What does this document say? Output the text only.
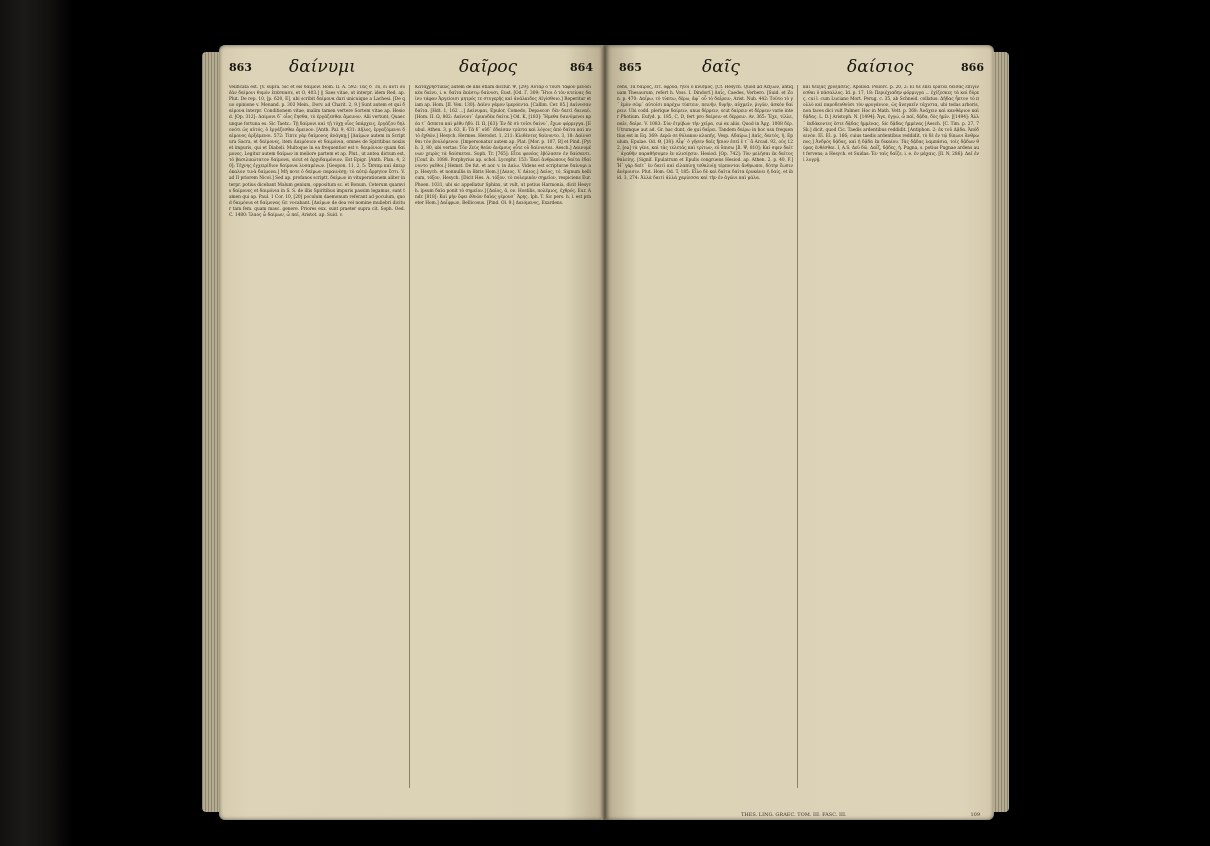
863 δαίνυμι	δαῖρος	864
velificata est. [V. supra. Sic et eis δαίμονι Hom. II. A. 592: Τὰς δ᾽ εὖ, εἰ αὖτι οὐ ἐὰν δαίμονι θυμὸν ἐπέσπασε, et O, 403.] || Saes vitae, ut interpr. idem Red. ap. Plut. De rep. 10, [p. 620, E], ubi scribit δαίμονα dari unicuique a Lachesi. [De quo opinione v. Menand. p. 303 Mein., Dorv. ad Charit. 2, 9.] Sunt autem et qui δαίμονα interpr. Conditionem vitae, malim tamen vertere Sortem vitae ap. Hesiod. [Op. 312]: Δαίμονι δ᾽ οἷος ἔησθα, τὸ ἐργάζεσθαι ἄμεινον. Alii vertunt, Quaecunque fortuna es. Sic Taetz.: Τῇ δαίμονι καὶ τῇ τύχῃ οἷος ὑπάρχεις, ἐργάζου δηλονότι ὡς αὐτός, ὁ ἐργάζεσθαι ἄμεινον. [Anth. Pal. 9, 431: Δῆλος, ἐργαζόμενοι δαίμονος ἀρξάμενοι. 572: Τίπτε γὰρ δαίμονος ἀνάγκῃ;] [Δαίμων autem in Scriptura Sacra, et δαίμονες, item Δαιμόνιον et δαιμόνια, omnes de Spiritibus noxiis et impuris, qui et Diaboli. Multoque in ea frequentior est v. δαιμόνιον quam δαίμονες. Legitur autem δαίμων in meliore partem et ap. Plut., ut antea dictum est, τὸ βασιλικώτατον δαίμονα, sicut et ἀρχιδαιμόνιον. Est Epigr. [Anth. Plan. 4, 20]: Τέχνης ἐγχειρίδιον δαίμονα λυσαμένων. [Geopon. 11, 2, 5: Ὥσπερ καὶ ἀπειρόκαλον τινὰ δαίμονα.] Μή ποτε ὁ δαίμων παραινέσῃ; τὸ αὐτῷ ἄρρητον ἔστι. V. ad II priorem Nicol.] Sed ap. profanos scriptt. δαίμων in vituperationem aliter interpr. potius dicebant Malum genium, oppositum sc. et Bonum. Ceterum quamvis δαίμονες et δαιμόνια in S. S. de illis Spiritibus impuris passim legamus, sunt tamen qui ap. Paul. 1 Cor. 10, [20] poculum daemonum referant ad poculum, quod δαιμόνια et δαίμονας Gr. vocabant. [Δαίμων de dea vel nomine muliebri dicitur tam fem. quam masc. genere. Priores exx. sunt praeter supra cit. Soph. Oed. C. 1480: Ἱλαος ὦ δαίμων, ὦ παῖ, Aristot. ap. Suid. v.
Καταχρηστικῶς autem de illis etiam dicitur. Ψ, [29]: Αὐτὰρ ὁ τοῖσι τάφον μενοεικέα δαίνυ, i. e. δαῖτα ἑκάστῳ δαίνυσι, Eust. [Od. Γ, 309: Ἤτοι ὁ τὸν κτείνας δαίνυ τάφον Ἀργείοισι μητρός τε στυγερῆς καὶ ἀνάλκιδος Αἰγίσθοιο.] Reperitur etiam ap. Hom. [II. Ven. 130]: Δαῖνυ γάμον ἱμερόεντα. [Callim. Cer. 85.] Δαίνυσαν δαῖτα. [Hdt. 1, 162 ...] Δαίνυμαι, Epulor, Comedo, Depascor: δὲν δαιτὶ δαιναῦ. [Hom. II. Ω, 802: Δαίνυντ᾽ ἐρικυδέα δαῖτα.] Od. K, [183]: Ἥμεθα δαινύμενοι κρέα τ᾽ ἄσπετα καὶ μέθυ ἡδύ. II. Ω, [63]: Ἐν δὲ σὺ τοῖσι δαίνυ᾽, ἔχων φόρμιγγα. [Eubul. Athen. 3, p. 63, E: Τὰ δ᾽ οὐδ᾽ ἐδαίσαν τρίπτα καὶ λόγοις ἀπὸ δαῖτα καὶ πυτὸ ἐχθῶν.] Hesych. Hermes. Herodot. 1, 211: Κλιθέντες δαίνυντο. 3, 18: Δαίνυσθαι τὸν βουλόμενον. [Impersonatur autem ap. Plat. [Mor. p. 107, B] et Pind. [Pyth. 3, 80, ubi vertas: Τὸν Ζεὺς θεῶν ἀνέμους οὖτε οὐ δαίνυνται. Aesch.] Δαινυμένων χειρὸς τὰ δαίσκεται. Soph. Tr. [765]: Εἶτα φονέας ἐβόλασεν ἐν δαίσαντι. [Conf. ib. 1088. Porphyrius ap. schol. Lycophr. 153: Ἐκεῖ ἀνθρώπους δαῖτα ἐδαίνυντο γαῖθοι.] Hemst. De fut. et aor. v. in Δαίω. Videns est scripturae δαίνυμι ap. Hesych. et nonnullis in libris Hom.] [Δαιος. V. Δάιος.] Δαῖος, τό, Signum bellicum, τόξον, Hesych. [Dicit Hes. A. τόξον. τὸ πολεμικὸν σημεῖον, respiciens Eur. Phoen. 1031, ubi sic appellatur Sphinx, ut vult, ut potius Harmonia, dicit Hesych. ipsum δαῖα ponit τὸ σημεῖον.] [Δαῖος, ᾶ, ον. Hostilis, πολέμιος, ἐχθρός. Eur. Andr. [818]: Καὶ μὴν ὄφει ἐθνῶν δαΐας γέρουσ᾽ Ἀρης. Iph. T. Sic pers. h. l. est praeter Hom.] Δαΐφρων, Bellicosus. [Pind. Ol. 9.] Δαιόμενος, Exardens.
865	δαῖς	δαίσιος	866
cens, Tὰ δαίρος, εἰτ. ὀφρύα, ἤτοι ὁ κνισμός. [Cf. Hesych. Quod ad Ἀεξίων, antiquam Thesaurum, refert h. Voss. I. Dindorf.] Δαΐς, Caedes, Verbero. [Suid. et Zon. p. 470: Δαΐρω, τὸ τύπτω, δέρω, ἀφ᾽ οὗ τὸ δαΐρειν, Arist. Nub. 442: Τοῦτο τὸ γ᾽ ἐμὸν σῶμ᾽ αὐτοῖσι παρέχω τύπτειν, πεινῆν, διψῆν, αὐχμεῖν, ῥιγῶν, ἀσκὸν δαίρειν. Ubi codd. plerique δαίρειν, unus δέρρειν, scut δαίρειν et δέρρειν varie inter Photium. Eufyd. p. 185, C, D, fert pro δαίρειν et δέρρειν. Av. 365: Ἔχε, τίλλε, παῖε, δαῖρε. V. 1083: Σὺν ἐτρίβων τὴν χεῖρα, cui ex aliis. Quod in Ἀρχ. 1008 δέρ. Utrumque aut ad. Gr. hac dunt, de qui δαΐρει. Tandem δαίρω in hoc usu frequentius est in Eq. 369: Δερῶ σε θύλακον κλοπῆς. Vesp. Αδαίρω.] Δαῖς, δαιτός, ἡ, Epulum, Epulae. Od. Θ, [38]: Αἶψ᾽ ὁ γῆσεν δαῖς ἤπιον ἐσεῖ ἐ τ᾽ ἄ Arcad. 92, οὐς 122, [ea] τὰ γένε, καὶ τὰς τελετὰς καὶ τρίτων, εὐ ὄπισω [Il. Ψ, 810]: Καί σφιν δαῖτ᾽ ἀγαθὴν παραθήσομεν ἐν κλισίῃσιν. Hesiod. [Op. 742]: Τὸν μελῆσαι ἐκ δαῖτος θαλείης. [Signif. Epulatrum et Epulis congruens Hesiod. ap. Athen. 2, p. 40, F.] Ἡ᾽ γὰρ δαῖτ᾽ ἐν δαιτὶ καὶ εἰλαπίνῃ τεθαλυίῃ τέρπονται ἄνθρωποι, δότην ἔωσιν ἀνέμοισιν. Plut. Hom. Od. T, 185: Εἶλο δὲ καὶ δαῖτα δαῖτα ἐρυκάνει ἡ δαίς, et ibid. 3, 274: Ἀλλὰ δαιτὶ ἀλλὰ χαρίεσσα καὶ τὴν ἐν ἀγῶνι καὶ μάλα.
καὶ δεῖξας χρυξάσεις. Apollod. Poliorc. p. 20, 2: Εἰ δὲ ἐπεὶ ἐρᾶται δεῖσας ἐπιγίνεσθαι ὁ πάσαλλος. Id. p. 17, 18: Περιέχιαδην φόρμιγγα ... ἐχίζεσκες τὰ καὶ δῦρες, cui l. cum Luciano Mort. Perug. c. 35, ab Schneid. collatus: Δῆδας ἧπτον τὸ πολλὸ καὶ παροδευθοῦσι τὸν φρυγάνιον, ὡς ἄνεγκεῖν τάχιστα, ubi tedas arboris, non faces dici vult Palmer. Hoc in Math. Vett. p. 368: Ἀνάχειν καὶ κανθάριον καὶ δᾷδας. L. D.] Aristoph. N. [1494]: Ἄγε, ἐγγώ, ὦ παῖ, δᾷδα, δὸς ἡμῖν. [[1494]: Ἀλλ᾽ ἐκδάκοντες ἐστε δᾷδας ἡμμένας. Sic δᾷδας ἡμμένας [Aesch. [C. Tim. p. 27, 7 Sk.] dicit, quod Cic. Taedis ardentibus reddidit. [Antiphon. 2: ἐκ τοῦ Δᾷδα. Ἀπόδαινόν. Εἰ. Εἰ. p. 166; cuius taedis ardentibus reddidit, τὸ δὲ ἐν τῷ δίκωνι ἄνθρωπος.] Ἀνδρὸς δᾷδας, καὶ ἡ δᾷδα ἐκ δικαίου. Τὰς δᾷδας λαμπάσια, τοῖς δᾷδων θύρας ἐνθέσθαι. I, A.S. Δεῦ δῶ. Δαΐζ, δᾷδες, ἡ. Pugna, s. potius Pugnae ardens aut fervens; a Hesych. et Suidas: Ἐν ταῖς δαΐζε, i. e. ἐν μάχαις. [Il. N, 286]: Δαῖ ἐνὶ λυγρῇ.
THES. LING. GRAEC. TOM. III. FASC. III.	109
